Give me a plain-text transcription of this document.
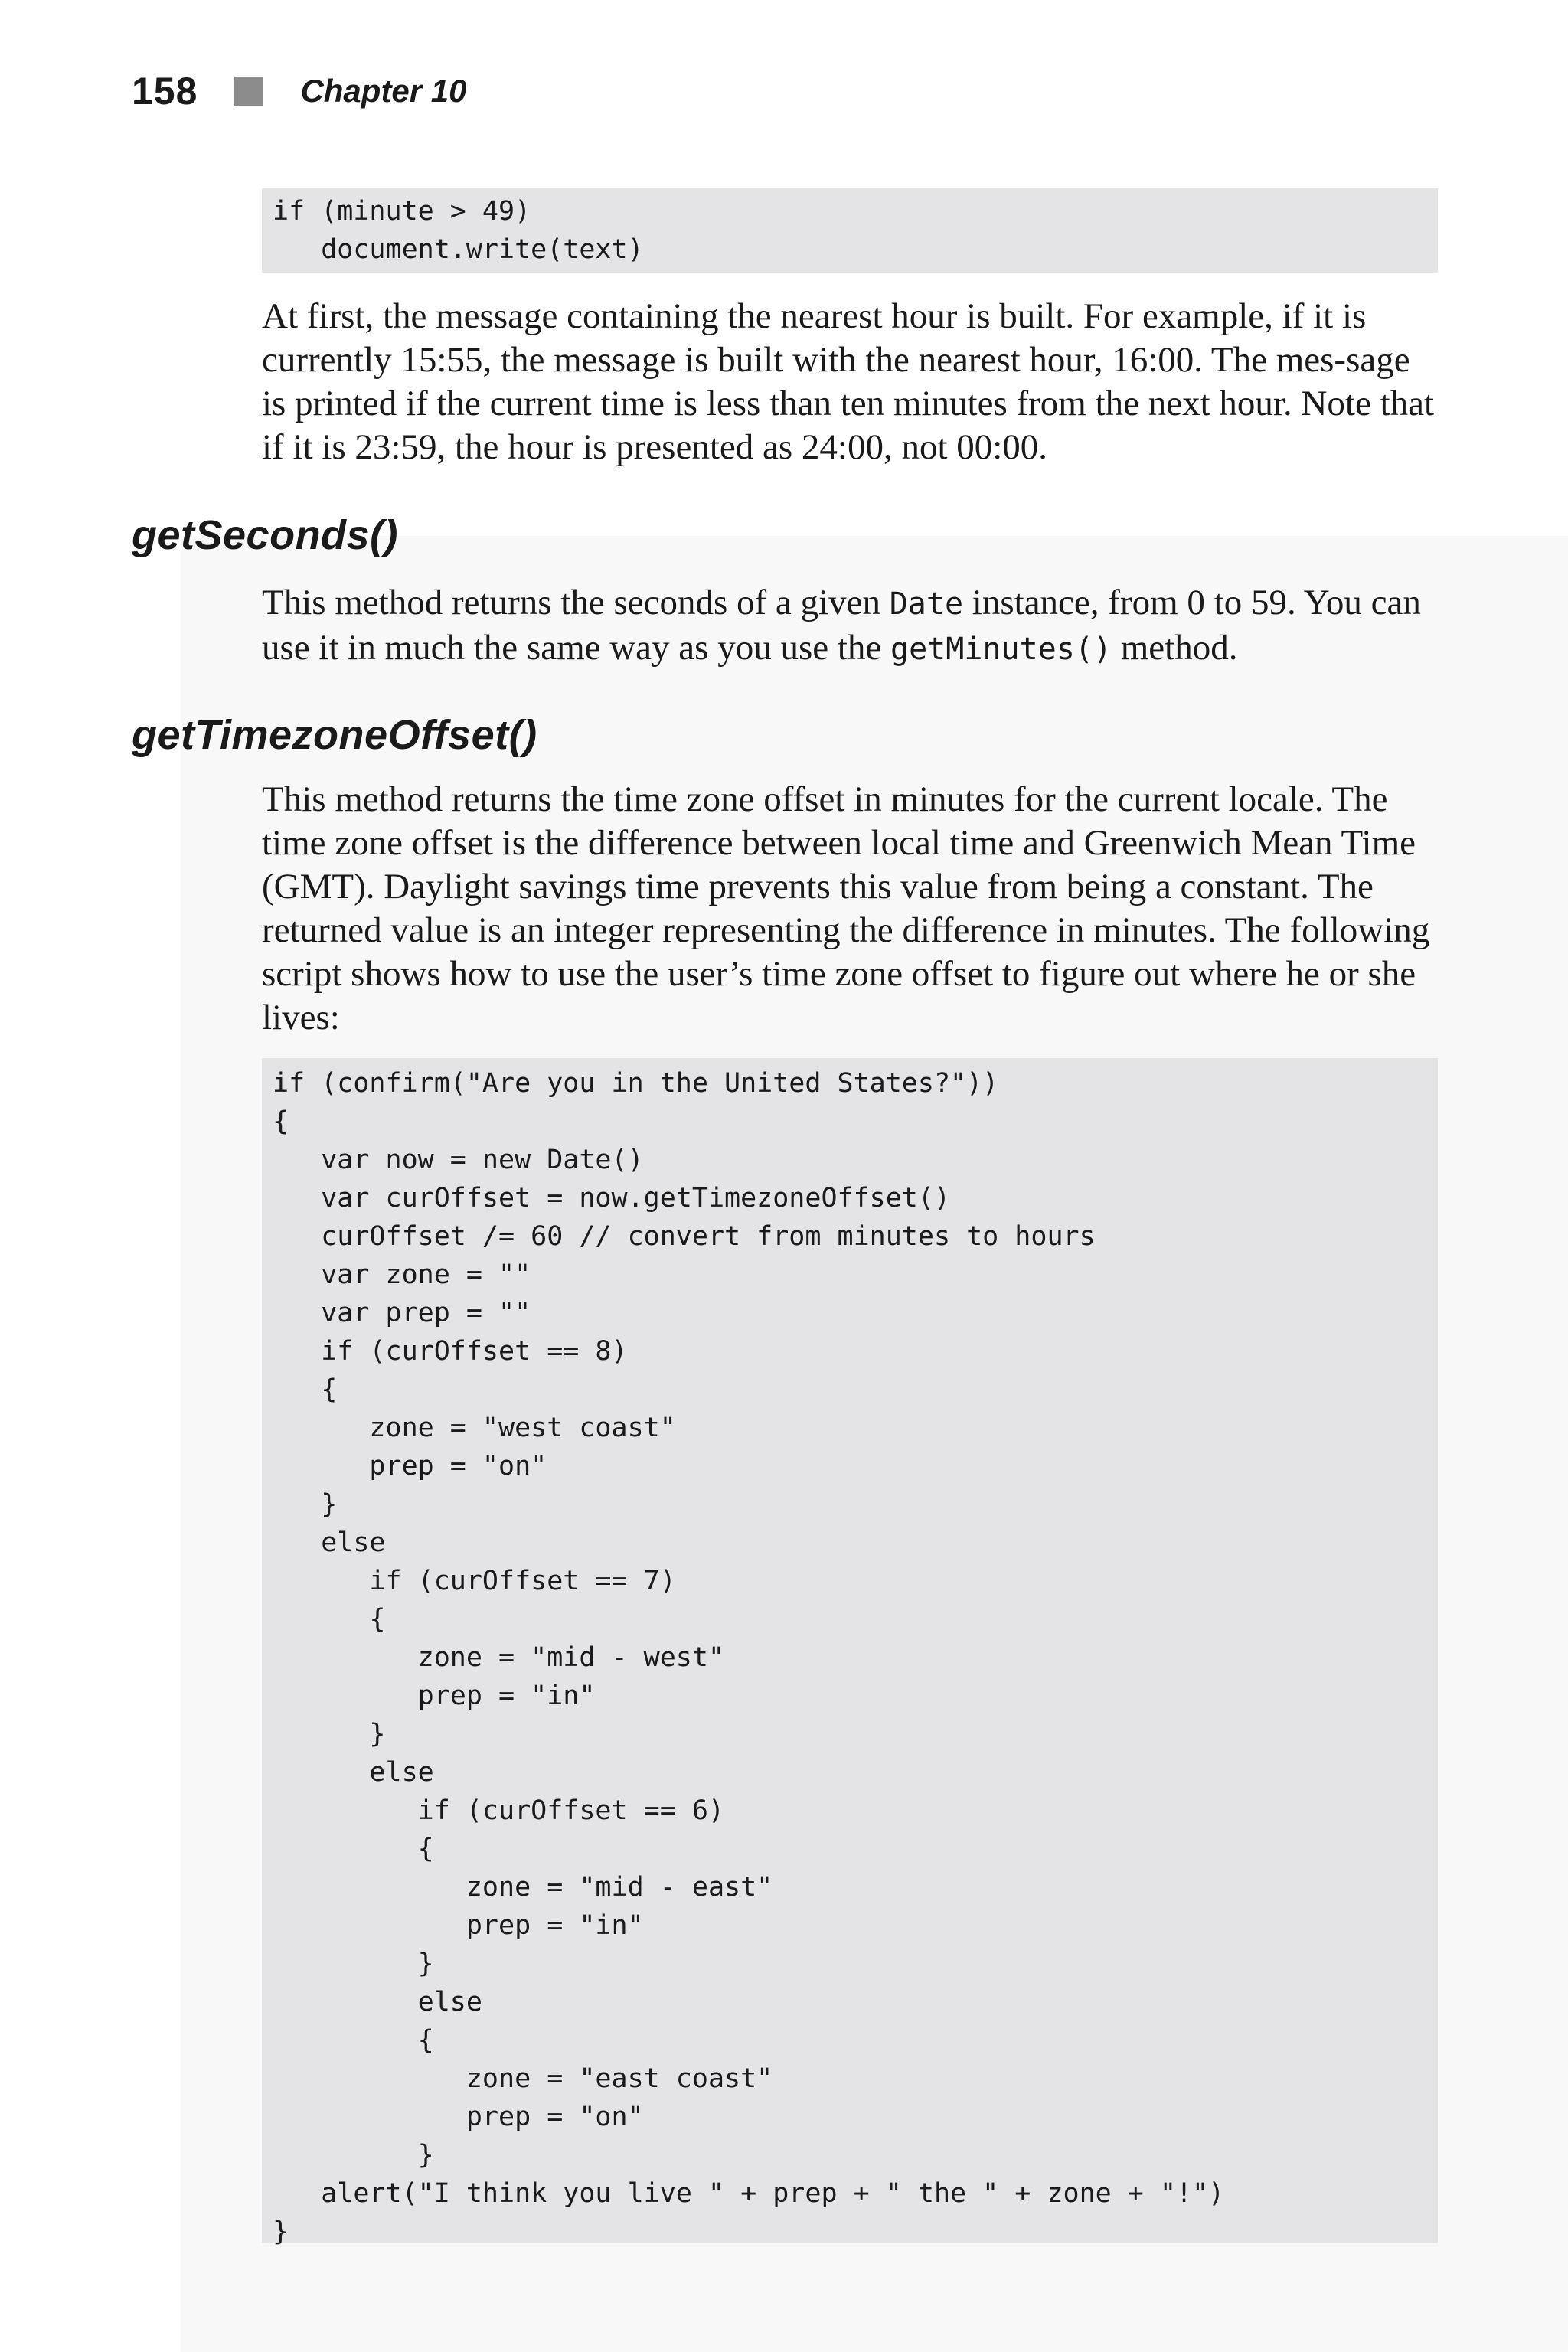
158	Chapter 10
if (minute > 49)
document.write(text)
At first, the message containing the nearest hour is built. For example, if it is currently 15:55, the message is built with the nearest hour, 16:00. The mes-sage is printed if the current time is less than ten minutes from the next hour. Note that if it is 23:59, the hour is presented as 24:00, not 00:00.
getSeconds()
This method returns the seconds of a given Date instance, from 0 to 59. You can use it in much the same way as you use the getMinutes() method.
getTimezoneOffset()
This method returns the time zone offset in minutes for the current locale. The time zone offset is the difference between local time and Greenwich Mean Time (GMT). Daylight savings time prevents this value from being a constant. The returned value is an integer representing the difference in minutes. The following script shows how to use the user’s time zone offset to figure out where he or she lives:
if (confirm("Are you in the United States?"))
{
var now = new Date()
var curOffset = now.getTimezoneOffset()
curOffset /= 60 // convert from minutes to hours
var zone = ""
var prep = ""
if (curOffset == 8)
{
zone = "west coast"
prep = "on"
}
else
if (curOffset == 7)
{
zone = "mid - west"
prep = "in"
}
else
if (curOffset == 6)
{
zone = "mid - east"
prep = "in"
}
else
{
zone = "east coast"
prep = "on"
}
alert("I think you live " + prep + " the " + zone + "!")
}
